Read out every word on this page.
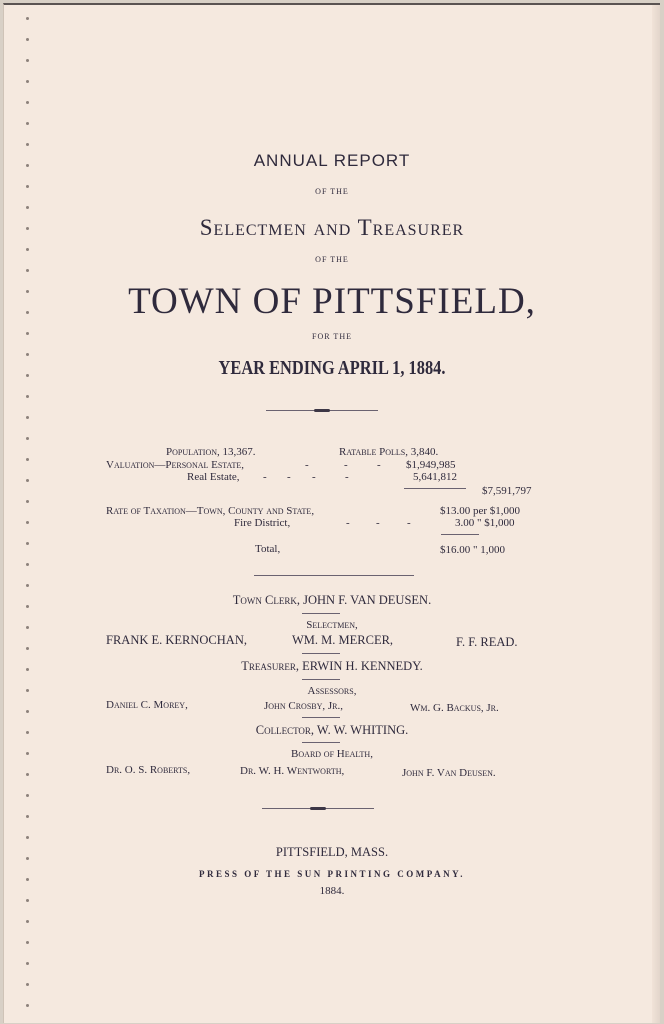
ANNUAL REPORT
OF THE
Selectmen and Treasurer
OF THE
TOWN OF PITTSFIELD,
FOR THE
YEAR ENDING APRIL 1, 1884.
Population, 13,367.	Ratable Polls, 3,840.
Valuation—Personal Estate,	-	-	- $1,949,985
Real Estate, - - -	-	5,641,812
$7,591,797
Rate of Taxation—Town, County and State,	$13.00 per $1,000
Fire District,	- - -	3.00 " $1,000
Total,	$16.00 " 1,000
Town Clerk, JOHN F. VAN DEUSEN.
Selectmen,
FRANK E. KERNOCHAN,	WM. M. MERCER,	F. F. READ.
Treasurer, ERWIN H. KENNEDY.
Assessors,
Daniel C. Morey,	John Crosby, Jr.,	Wm. G. Backus, Jr.
Collector, W. W. WHITING.
Board of Health,
Dr. O. S. Roberts,	Dr. W. H. Wentworth,	John F. Van Deusen.
PITTSFIELD, MASS.
PRESS OF THE SUN PRINTING COMPANY.
1884.
